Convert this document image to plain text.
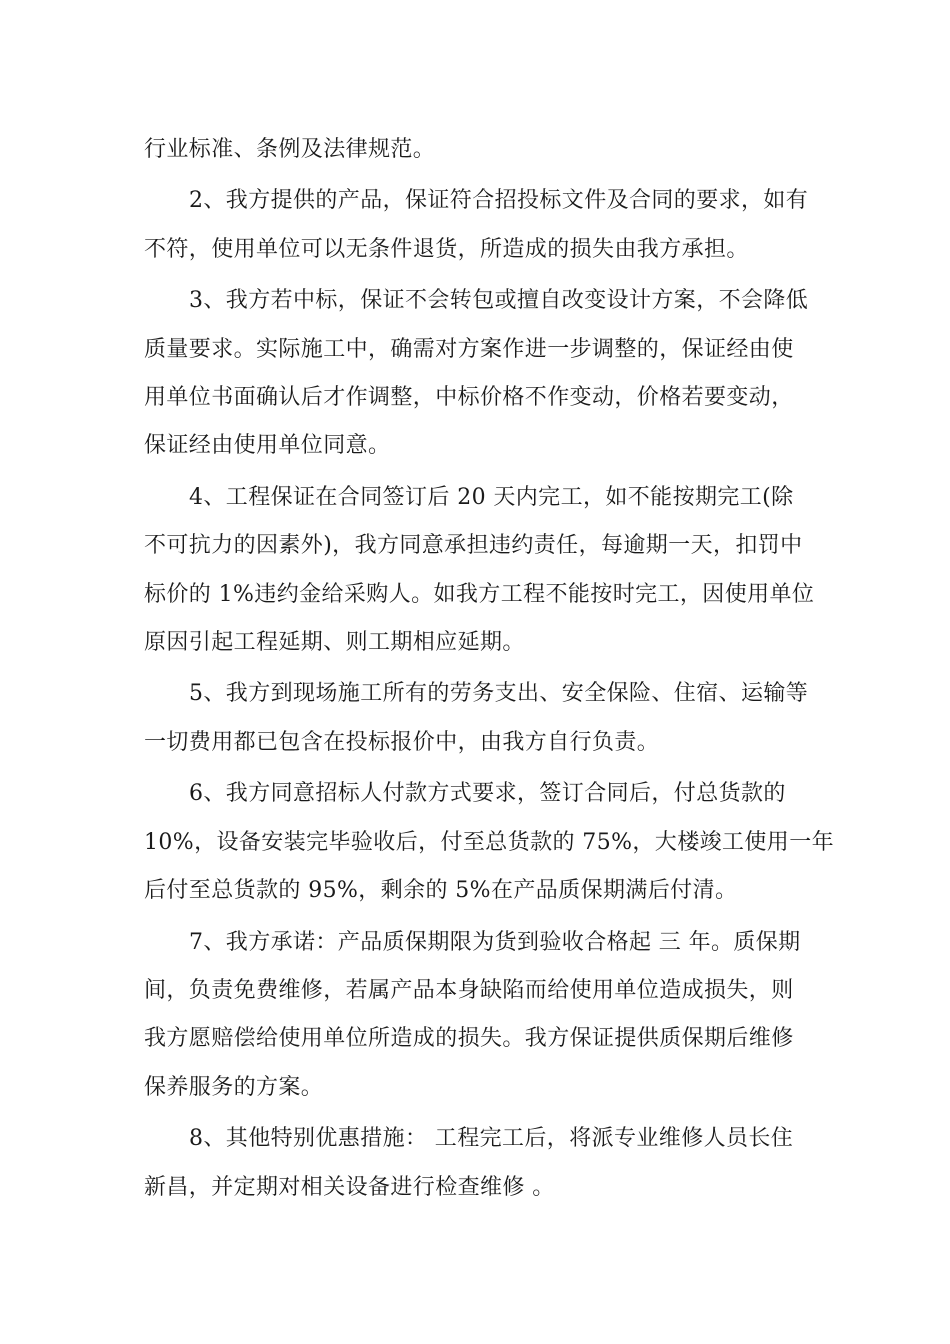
行业标准、条例及法律规范。

2、我方提供的产品，保证符合招投标文件及合同的要求，如有
不符，使用单位可以无条件退货，所造成的损失由我方承担。

3、我方若中标，保证不会转包或擅自改变设计方案，不会降低
质量要求。实际施工中，确需对方案作进一步调整的，保证经由使
用单位书面确认后才作调整，中标价格不作变动，价格若要变动，
保证经由使用单位同意。

4、工程保证在合同签订后 20 天内完工，如不能按期完工(除
不可抗力的因素外)，我方同意承担违约责任，每逾期一天，扣罚中
标价的 1%违约金给采购人。如我方工程不能按时完工，因使用单位
原因引起工程延期、则工期相应延期。

5、我方到现场施工所有的劳务支出、安全保险、住宿、运输等
一切费用都已包含在投标报价中，由我方自行负责。

6、我方同意招标人付款方式要求，签订合同后，付总货款的
10%，设备安装完毕验收后，付至总货款的 75%，大楼竣工使用一年
后付至总货款的 95%，剩余的 5%在产品质保期满后付清。

7、我方承诺：产品质保期限为货到验收合格起 三 年。质保期
间，负责免费维修，若属产品本身缺陷而给使用单位造成损失，则
我方愿赔偿给使用单位所造成的损失。我方保证提供质保期后维修
保养服务的方案。

8、其他特别优惠措施： 工程完工后，将派专业维修人员长住
新昌，并定期对相关设备进行检查维修 。
